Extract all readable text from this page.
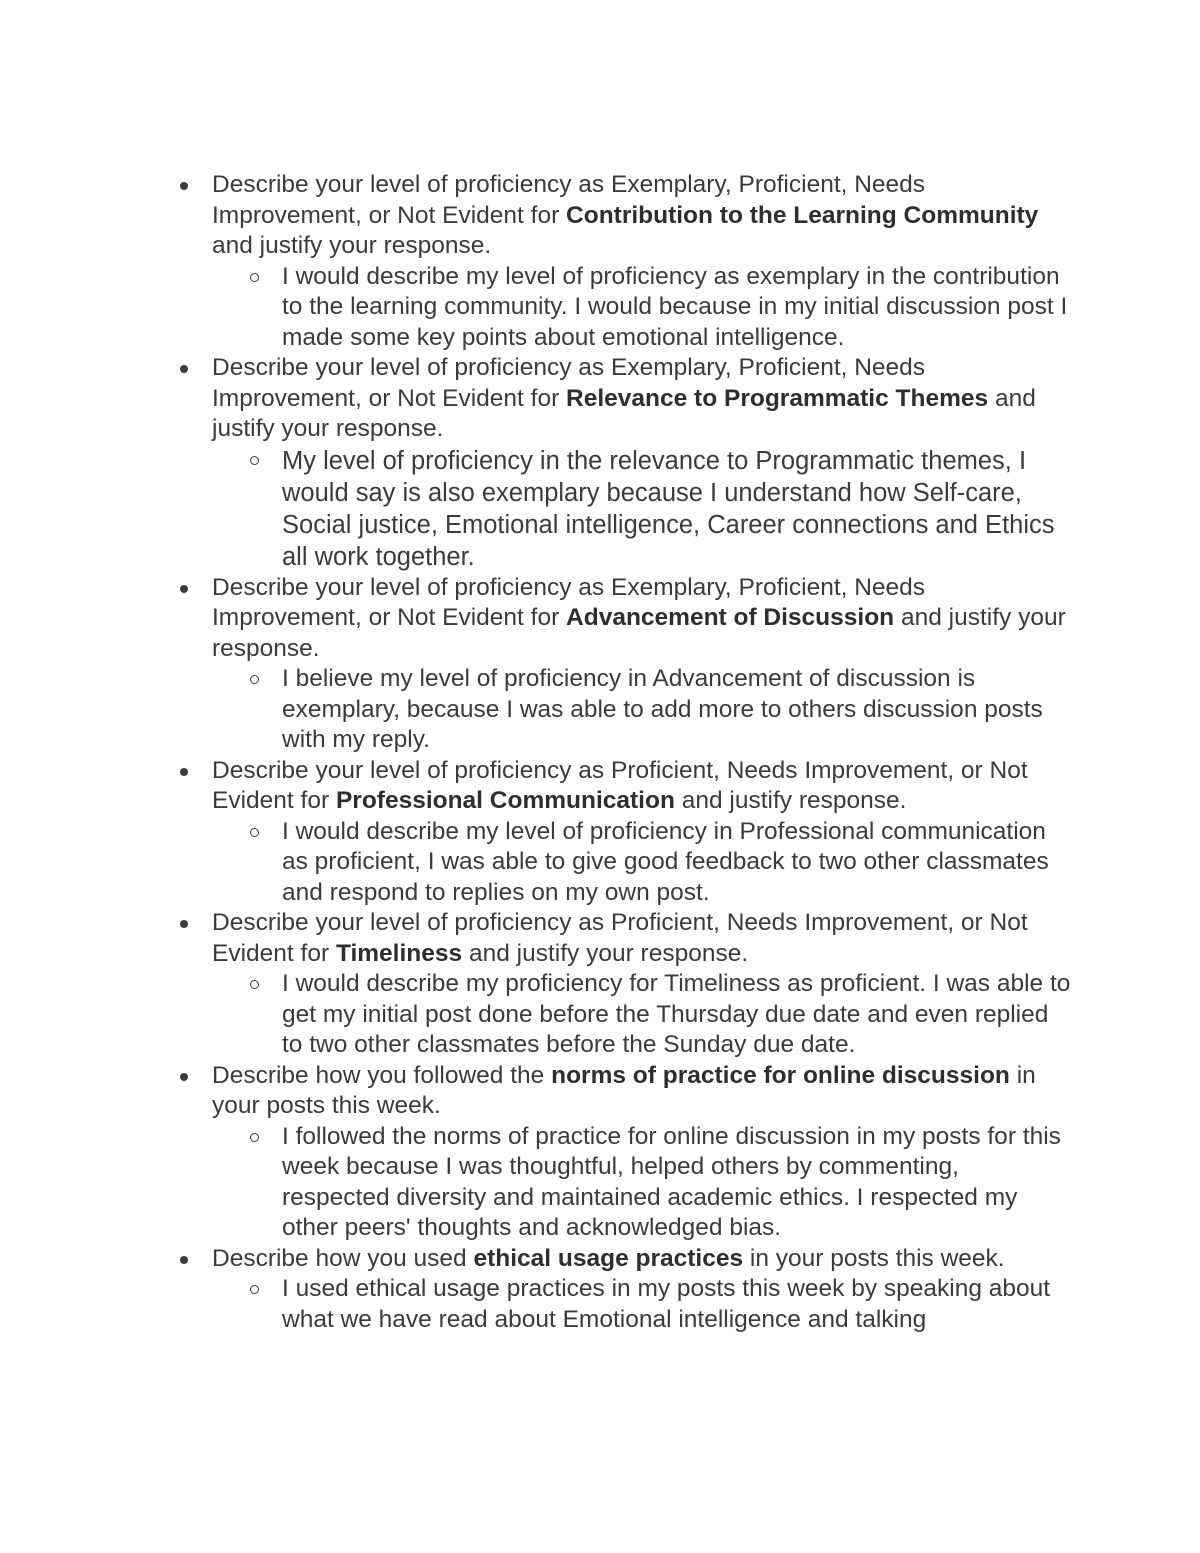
Describe your level of proficiency as Exemplary, Proficient, Needs Improvement, or Not Evident for Contribution to the Learning Community and justify your response.
I would describe my level of proficiency as exemplary in the contribution to the learning community. I would because in my initial discussion post I made some key points about emotional intelligence.
Describe your level of proficiency as Exemplary, Proficient, Needs Improvement, or Not Evident for Relevance to Programmatic Themes and justify your response.
My level of proficiency in the relevance to Programmatic themes, I would say is also exemplary because I understand how Self-care, Social justice, Emotional intelligence, Career connections and Ethics all work together.
Describe your level of proficiency as Exemplary, Proficient, Needs Improvement, or Not Evident for Advancement of Discussion and justify your response.
I believe my level of proficiency in Advancement of discussion is exemplary, because I was able to add more to others discussion posts with my reply.
Describe your level of proficiency as Proficient, Needs Improvement, or Not Evident for Professional Communication and justify response.
I would describe my level of proficiency in Professional communication as proficient, I was able to give good feedback to two other classmates and respond to replies on my own post.
Describe your level of proficiency as Proficient, Needs Improvement, or Not Evident for Timeliness and justify your response.
I would describe my proficiency for Timeliness as proficient. I was able to get my initial post done before the Thursday due date and even replied to two other classmates before the Sunday due date.
Describe how you followed the norms of practice for online discussion in your posts this week.
I followed the norms of practice for online discussion in my posts for this week because I was thoughtful, helped others by commenting, respected diversity and maintained academic ethics. I respected my other peers' thoughts and acknowledged bias.
Describe how you used ethical usage practices in your posts this week.
I used ethical usage practices in my posts this week by speaking about what we have read about Emotional intelligence and talking
